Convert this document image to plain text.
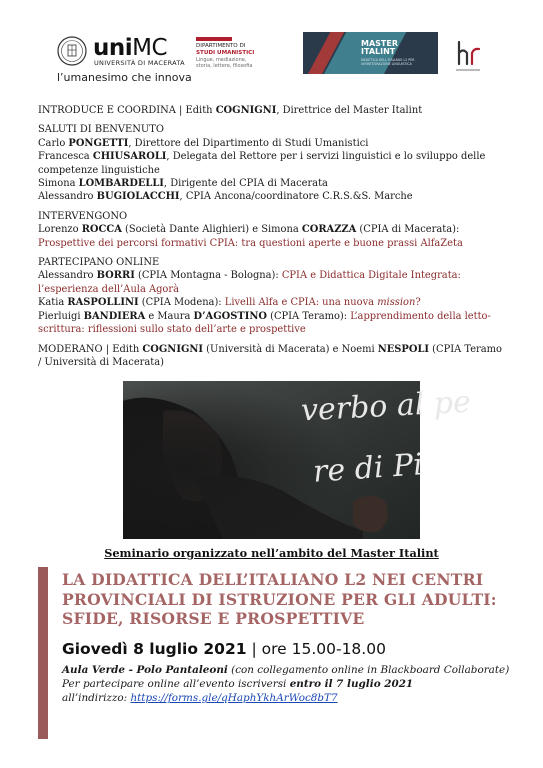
uniMC
UNIVERSITÀ DI MACERATA
l’umanesimo che innova
DIPARTIMENTO DI
STUDI UMANISTICI
Lingue, mediazione,
storia, lettere, filosofia
MASTER
ITALINT
DIDATTICA DELL'ITALIANO L2 PER UN'INTEGRAZIONE LINGUISTICA

INTRODUCE E COORDINA | Edith COGNIGNI, Direttrice del Master Italint

SALUTI DI BENVENUTO

Carlo PONGETTI, Direttore del Dipartimento di Studi Umanistici

Francesca CHIUSAROLI, Delegata del Rettore per i servizi linguistici e lo sviluppo delle competenze linguistiche

Simona LOMBARDELLI, Dirigente del CPIA di Macerata

Alessandro BUGIOLACCHI, CPIA Ancona/coordinatore C.R.S.&S. Marche

INTERVENGONO

Lorenzo ROCCA (Società Dante Alighieri) e Simona CORAZZA (CPIA di Macerata):

Prospettive dei percorsi formativi CPIA: tra questioni aperte e buone prassi AlfaZeta

PARTECIPANO ONLINE

Alessandro BORRI (CPIA Montagna - Bologna): CPIA e Didattica Digitale Integrata: l’esperienza dell’Aula Agorà

Katia RASPOLLINI (CPIA Modena): Livelli Alfa e CPIA: una nuova mission?

Pierluigi BANDIERA e Maura D’AGOSTINO (CPIA Teramo): L’apprendimento della letto-scrittura: riflessioni sullo stato dell’arte e prospettive

MODERANO | Edith COGNIGNI (Università di Macerata) e Noemi NESPOLI (CPIA Teramo / Università di Macerata)

verbo al pe
re di Pi
Seminario organizzato nell’ambito del Master Italint
LA DIDATTICA DELL’ITALIANO L2 NEI CENTRI
PROVINCIALI DI ISTRUZIONE PER GLI ADULTI:
SFIDE, RISORSE E PROSPETTIVE
Giovedì 8 luglio 2021 | ore 15.00-18.00
Aula Verde - Polo Pantaleoni (con collegamento online in Blackboard Collaborate)
Per partecipare online all’evento iscriversi entro il 7 luglio 2021
all’indirizzo: https://forms.gle/qHaphYkhArWoc8bT7
